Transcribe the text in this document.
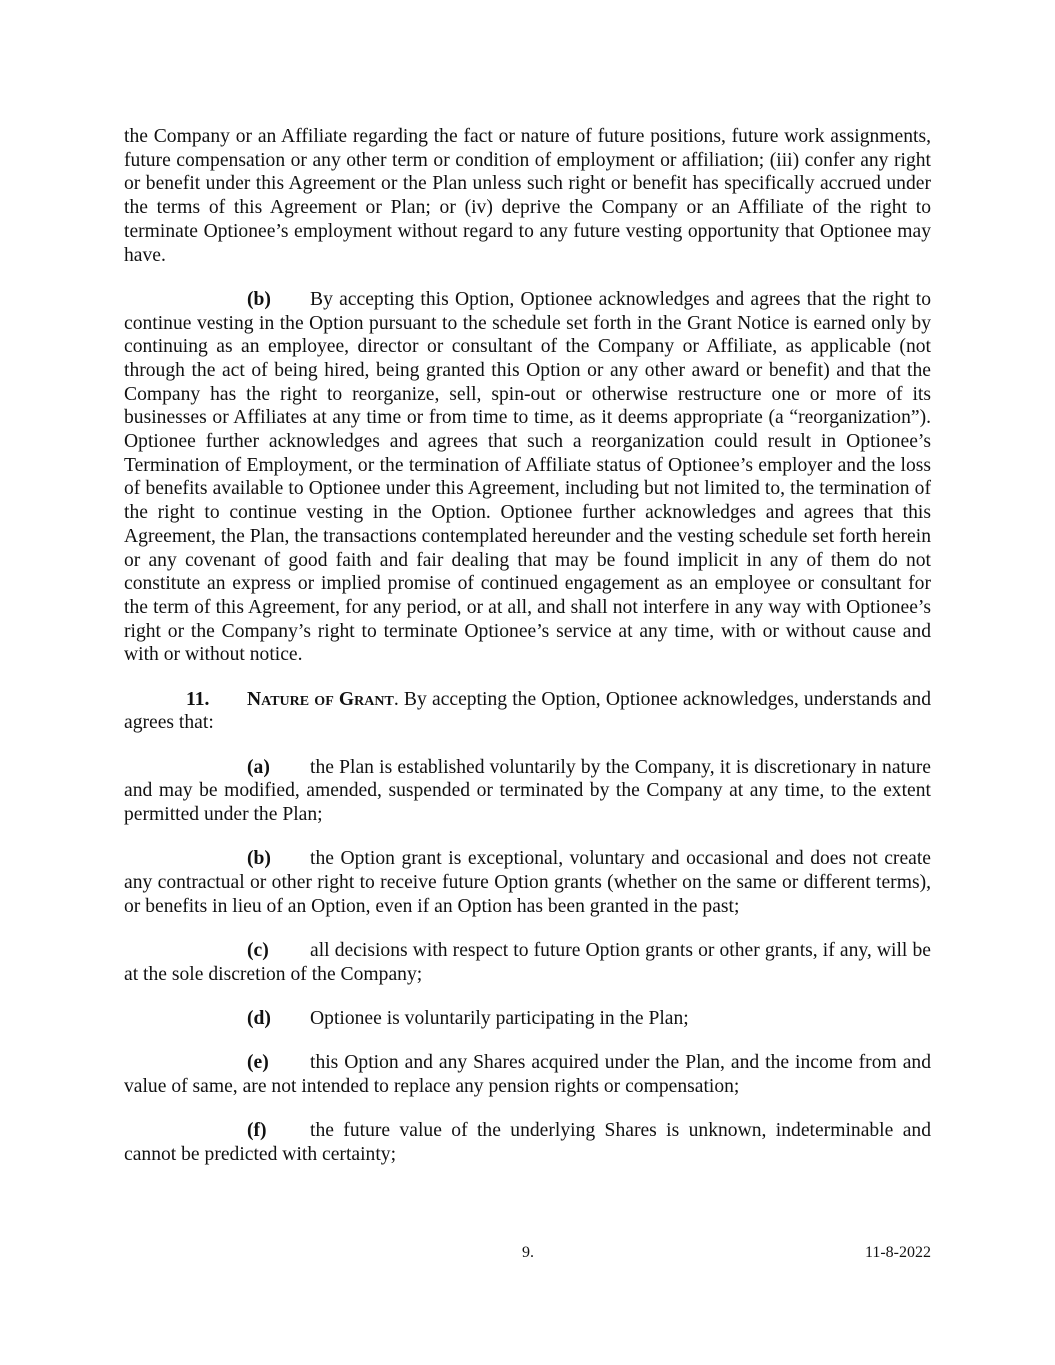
the Company or an Affiliate regarding the fact or nature of future positions, future work assignments, future compensation or any other term or condition of employment or affiliation; (iii) confer any right or benefit under this Agreement or the Plan unless such right or benefit has specifically accrued under the terms of this Agreement or Plan; or (iv) deprive the Company or an Affiliate of the right to terminate Optionee’s employment without regard to any future vesting opportunity that Optionee may have.

(b) By accepting this Option, Optionee acknowledges and agrees that the right to continue vesting in the Option pursuant to the schedule set forth in the Grant Notice is earned only by continuing as an employee, director or consultant of the Company or Affiliate, as applicable (not through the act of being hired, being granted this Option or any other award or benefit) and that the Company has the right to reorganize, sell, spin-out or otherwise restructure one or more of its businesses or Affiliates at any time or from time to time, as it deems appropriate (a “reorganization”). Optionee further acknowledges and agrees that such a reorganization could result in Optionee’s Termination of Employment, or the termination of Affiliate status of Optionee’s employer and the loss of benefits available to Optionee under this Agreement, including but not limited to, the termination of the right to continue vesting in the Option. Optionee further acknowledges and agrees that this Agreement, the Plan, the transactions contemplated hereunder and the vesting schedule set forth herein or any covenant of good faith and fair dealing that may be found implicit in any of them do not constitute an express or implied promise of continued engagement as an employee or consultant for the term of this Agreement, for any period, or at all, and shall not interfere in any way with Optionee’s right or the Company’s right to terminate Optionee’s service at any time, with or without cause and with or without notice.

11. Nature of Grant. By accepting the Option, Optionee acknowledges, understands and agrees that:

(a) the Plan is established voluntarily by the Company, it is discretionary in nature and may be modified, amended, suspended or terminated by the Company at any time, to the extent permitted under the Plan;

(b) the Option grant is exceptional, voluntary and occasional and does not create any contractual or other right to receive future Option grants (whether on the same or different terms), or benefits in lieu of an Option, even if an Option has been granted in the past;

(c) all decisions with respect to future Option grants or other grants, if any, will be at the sole discretion of the Company;

(d) Optionee is voluntarily participating in the Plan;

(e) this Option and any Shares acquired under the Plan, and the income from and value of same, are not intended to replace any pension rights or compensation;

(f) the future value of the underlying Shares is unknown, indeterminable and cannot be predicted with certainty;

9.	11-8-2022
